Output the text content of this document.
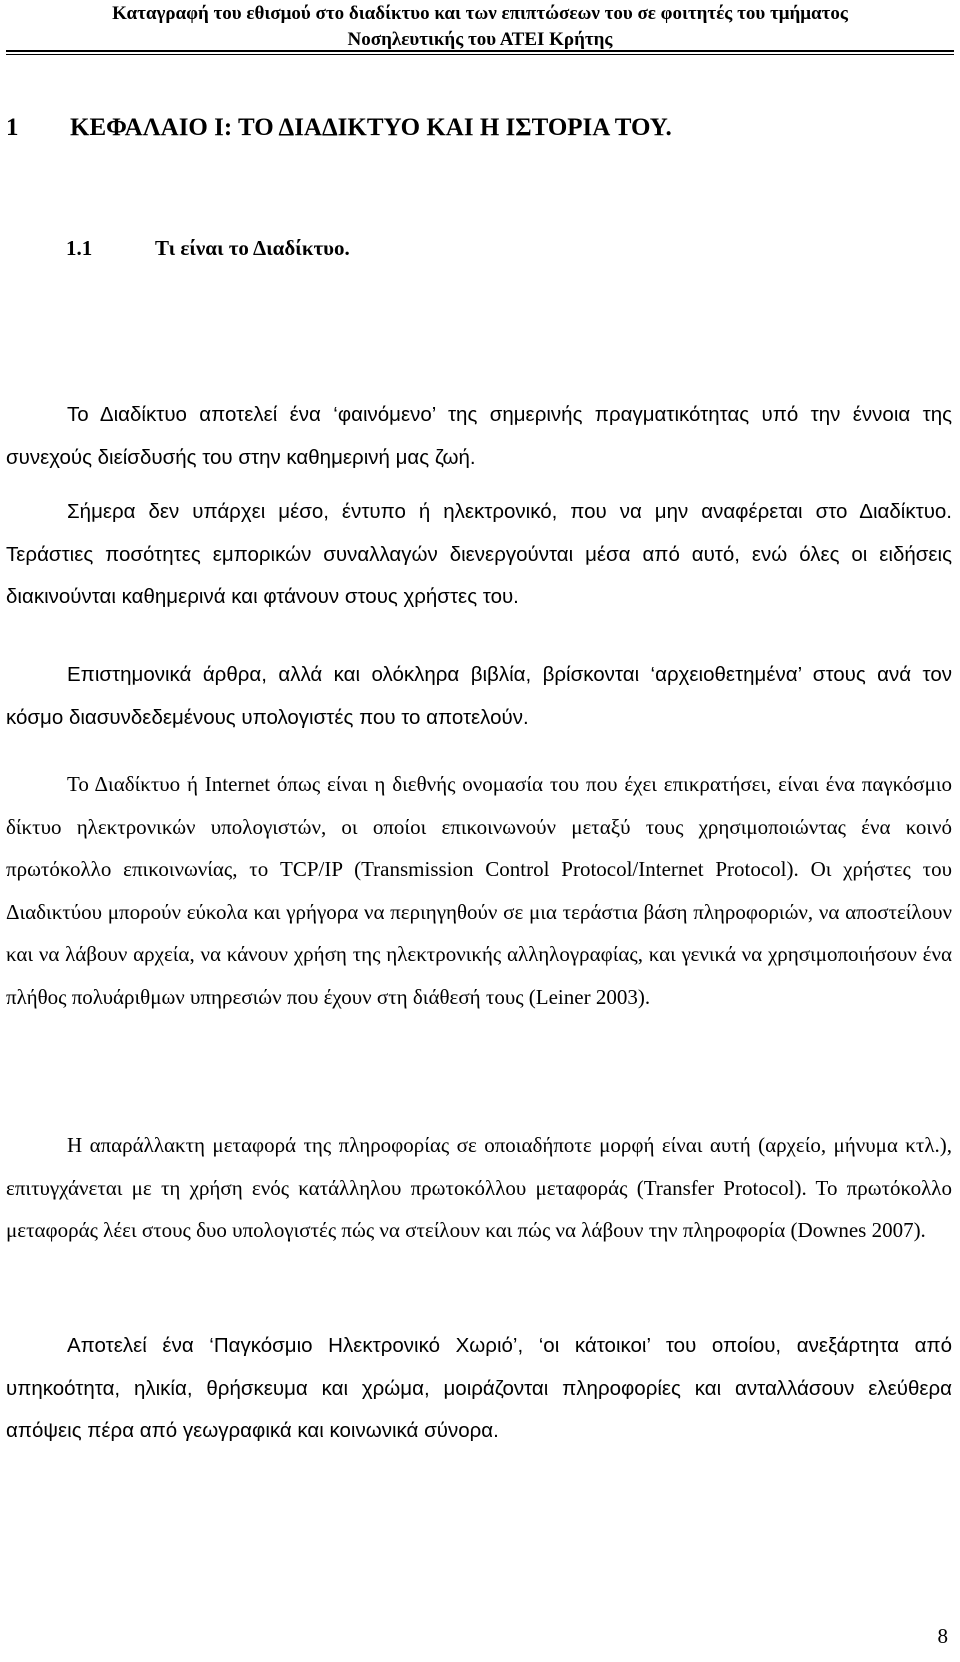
Καταγραφή του εθισμού στο διαδίκτυο και των επιπτώσεων του σε φοιτητές του τμήματος
Νοσηλευτικής του ΑΤΕΙ Κρήτης
1 ΚΕΦΑΛΑΙΟ Ι: ΤΟ ΔΙΑΔΙΚΤΥΟ ΚΑΙ Η ΙΣΤΟΡΙΑ ΤΟΥ.
1.1	Τι είναι το Διαδίκτυο.

Το Διαδίκτυο αποτελεί ένα ‘φαινόμενο’ της σημερινής πραγματικότητας υπό την έννοια της συνεχούς διείσδυσής του στην καθημερινή μας ζωή.

Σήμερα δεν υπάρχει μέσο, έντυπο ή ηλεκτρονικό, που να μην αναφέρεται στο Διαδίκτυο. Τεράστιες ποσότητες εμπορικών συναλλαγών διενεργούνται μέσα από αυτό, ενώ όλες οι ειδήσεις διακινούνται καθημερινά και φτάνουν στους χρήστες του.

Επιστημονικά άρθρα, αλλά και ολόκληρα βιβλία, βρίσκονται ‘αρχειοθετημένα’ στους ανά τον κόσμο διασυνδεδεμένους υπολογιστές που το αποτελούν.

Το Διαδίκτυο ή Internet όπως είναι η διεθνής ονομασία του που έχει επικρατήσει, είναι ένα παγκόσμιο δίκτυο ηλεκτρονικών υπολογιστών, οι οποίοι επικοινωνούν μεταξύ τους χρησιμοποιώντας ένα κοινό πρωτόκολλο επικοινωνίας, το TCP/IP (Transmission Control Protocol/Internet Protocol). Οι χρήστες του Διαδικτύου μπορούν εύκολα και γρήγορα να περιηγηθούν σε μια τεράστια βάση πληροφοριών, να αποστείλουν και να λάβουν αρχεία, να κάνουν χρήση της ηλεκτρονικής αλληλογραφίας, και γενικά να χρησιμοποιήσουν ένα πλήθος πολυάριθμων υπηρεσιών που έχουν στη διάθεσή τους (Leiner 2003).

Η απαράλλακτη μεταφορά της πληροφορίας σε οποιαδήποτε μορφή είναι αυτή (αρχείο, μήνυμα κτλ.), επιτυγχάνεται με τη χρήση ενός κατάλληλου πρωτοκόλλου μεταφοράς (Transfer Protocol). Το πρωτόκολλο μεταφοράς λέει στους δυο υπολογιστές πώς να στείλουν και πώς να λάβουν την πληροφορία (Downes 2007).

Αποτελεί ένα ‘Παγκόσμιο Ηλεκτρονικό Χωριό’, ‘οι κάτοικοι’ του οποίου, ανεξάρτητα από υπηκοότητα, ηλικία, θρήσκευμα και χρώμα, μοιράζονται πληροφορίες και ανταλλάσουν ελεύθερα απόψεις πέρα από γεωγραφικά και κοινωνικά σύνορα.

8
